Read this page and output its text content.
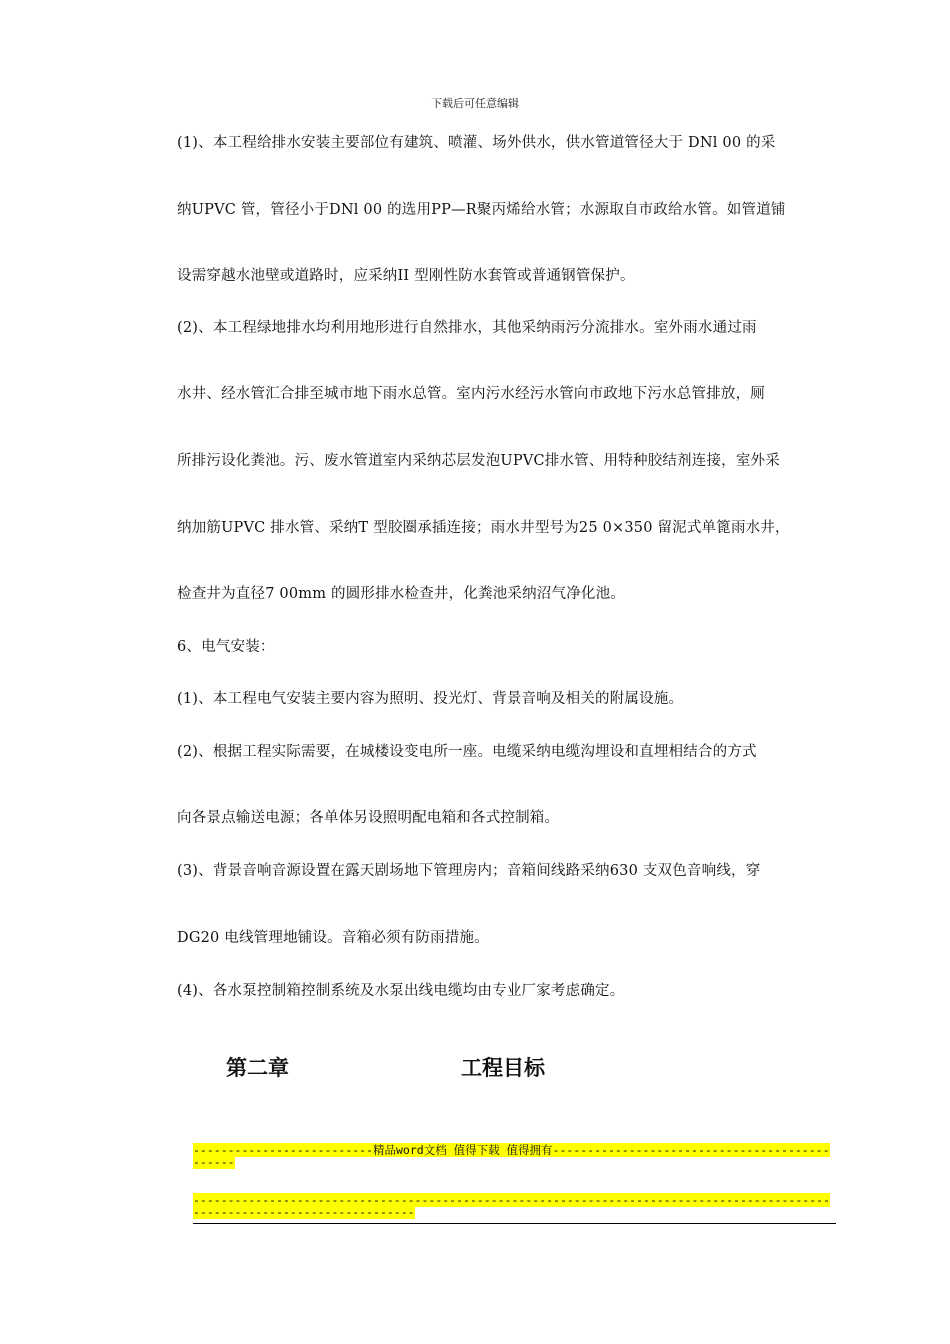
下载后可任意编辑
(1)、本工程给排水安装主要部位有建筑、喷灌、场外供水，供水管道管径大于 DNl 00 的采
纳UPVC 管，管径小于DNl 00 的选用PP—R聚丙烯给水管；水源取自市政给水管。如管道铺
设需穿越水池壁或道路时，应采纳II 型刚性防水套管或普通钢管保护。
(2)、本工程绿地排水均利用地形进行自然排水，其他采纳雨污分流排水。室外雨水通过雨
水井、经水管汇合排至城市地下雨水总管。室内污水经污水管向市政地下污水总管排放，厕
所排污设化粪池。污、废水管道室内采纳芯层发泡UPVC排水管、用特种胶结剂连接，室外采
纳加筋UPVC 排水管、采纳T 型胶圈承插连接；雨水井型号为25 0×350 留泥式单篦雨水井，
检查井为直径7 00mm 的圆形排水检查井，化粪池采纳沼气净化池。
6、电气安装：
(1)、本工程电气安装主要内容为照明、投光灯、背景音响及相关的附属设施。
(2)、根据工程实际需要，在城楼设变电所一座。电缆采纳电缆沟埋设和直埋相结合的方式
向各景点输送电源；各单体另设照明配电箱和各式控制箱。
(3)、背景音响音源设置在露天剧场地下管理房内；音箱间线路采纳630 支双色音响线，穿
DG20 电线管理地铺设。音箱必须有防雨措施。
(4)、各水泵控制箱控制系统及水泵出线电缆均由专业厂家考虑确定。
第二章	工程目标
--------------------------精品word文档 值得下载 值得拥有----------------------------------------------
----------------------------------------------------------------------------------------------------------------------------
